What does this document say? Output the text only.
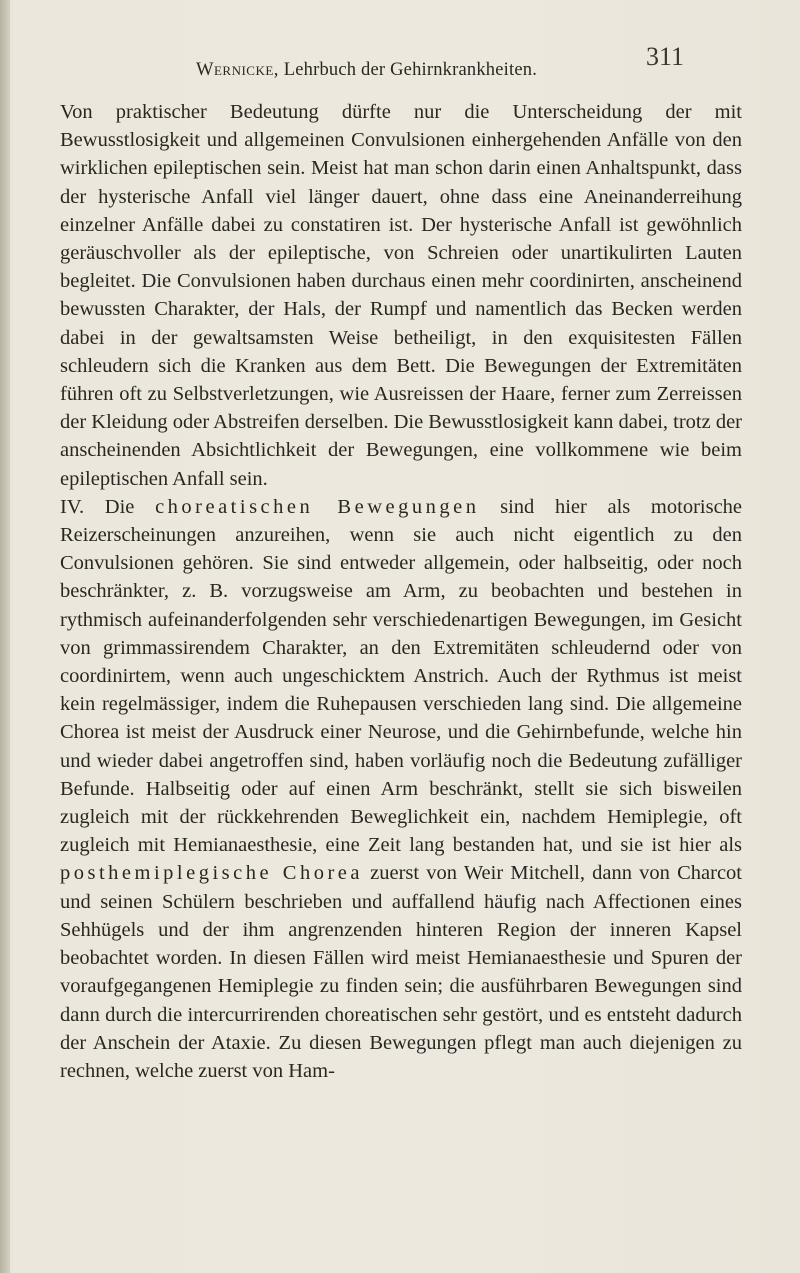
Wernicke, Lehrbuch der Gehirnkrankheiten.	311

Von praktischer Bedeutung dürfte nur die Unterscheidung der mit Bewusstlosigkeit und allgemeinen Convulsionen einhergehenden Anfälle von den wirklichen epileptischen sein. Meist hat man schon darin einen Anhaltspunkt, dass der hysterische Anfall viel länger dauert, ohne dass eine Aneinanderreihung einzelner Anfälle dabei zu constatiren ist. Der hysterische Anfall ist gewöhnlich geräuschvoller als der epileptische, von Schreien oder unartikulirten Lauten begleitet. Die Convulsionen haben durchaus einen mehr coordinirten, anscheinend bewussten Charakter, der Hals, der Rumpf und namentlich das Becken werden dabei in der gewaltsamsten Weise betheiligt, in den exquisitesten Fällen schleudern sich die Kranken aus dem Bett. Die Bewegungen der Extremitäten führen oft zu Selbstverletzungen, wie Ausreissen der Haare, ferner zum Zerreissen der Kleidung oder Abstreifen derselben. Die Bewusstlosigkeit kann dabei, trotz der anscheinenden Absichtlichkeit der Bewegungen, eine vollkommene wie beim epileptischen Anfall sein.

IV. Die choreatischen Bewegungen sind hier als motorische Reizerscheinungen anzureihen, wenn sie auch nicht eigentlich zu den Convulsionen gehören. Sie sind entweder allgemein, oder halbseitig, oder noch beschränkter, z. B. vorzugsweise am Arm, zu beobachten und bestehen in rythmisch aufeinanderfolgenden sehr verschiedenartigen Bewegungen, im Gesicht von grimmassirendem Charakter, an den Extremitäten schleudernd oder von coordinirtem, wenn auch ungeschicktem Anstrich. Auch der Rythmus ist meist kein regelmässiger, indem die Ruhepausen verschieden lang sind. Die allgemeine Chorea ist meist der Ausdruck einer Neurose, und die Gehirnbefunde, welche hin und wieder dabei angetroffen sind, haben vorläufig noch die Bedeutung zufälliger Befunde. Halbseitig oder auf einen Arm beschränkt, stellt sie sich bisweilen zugleich mit der rückkehrenden Beweglichkeit ein, nachdem Hemiplegie, oft zugleich mit Hemianaesthesie, eine Zeit lang bestanden hat, und sie ist hier als posthemiplegische Chorea zuerst von Weir Mitchell, dann von Charcot und seinen Schülern beschrieben und auffallend häufig nach Affectionen eines Sehhügels und der ihm angrenzenden hinteren Region der inneren Kapsel beobachtet worden. In diesen Fällen wird meist Hemianaesthesie und Spuren der voraufgegangenen Hemiplegie zu finden sein; die ausführbaren Bewegungen sind dann durch die intercurrirenden choreatischen sehr gestört, und es entsteht dadurch der Anschein der Ataxie. Zu diesen Bewegungen pflegt man auch diejenigen zu rechnen, welche zuerst von Ham-
